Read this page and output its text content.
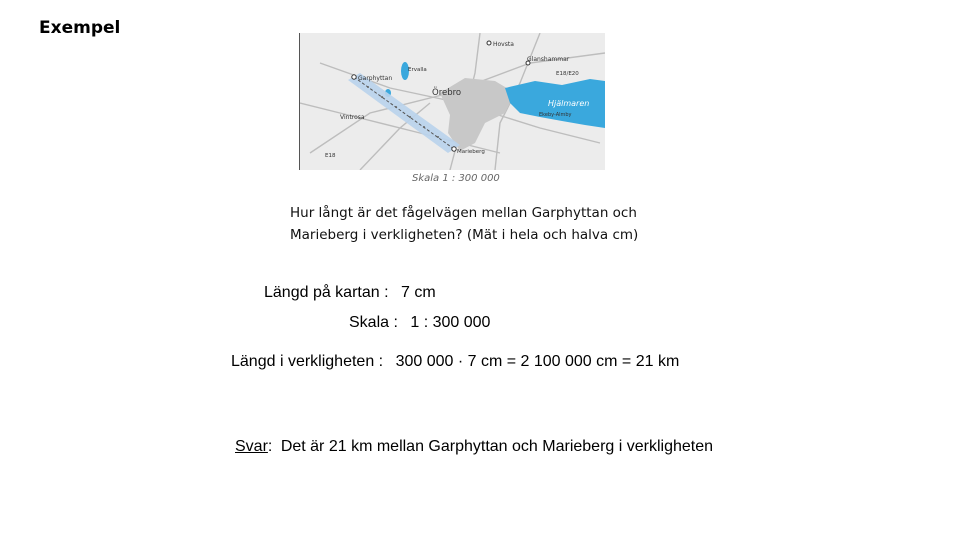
Exempel
Hovsta
Glanshammar
E18/E20
Garphyttan
Ervalla
Örebro
Hjälmaren
Ekeby-Almby
Vintrosa
Marieberg
E18
Skala 1 : 300 000
Hur långt är det fågelvägen mellan Garphyttan och
Marieberg i verkligheten? (Mät i hela och halva cm)
Längd på kartan : 7 cm
Skala : 1 : 300 000
Längd i verkligheten : 300 000 · 7 cm = 2 100 000 cm = 21 km
Svar: Det är 21 km mellan Garphyttan och Marieberg i verkligheten
